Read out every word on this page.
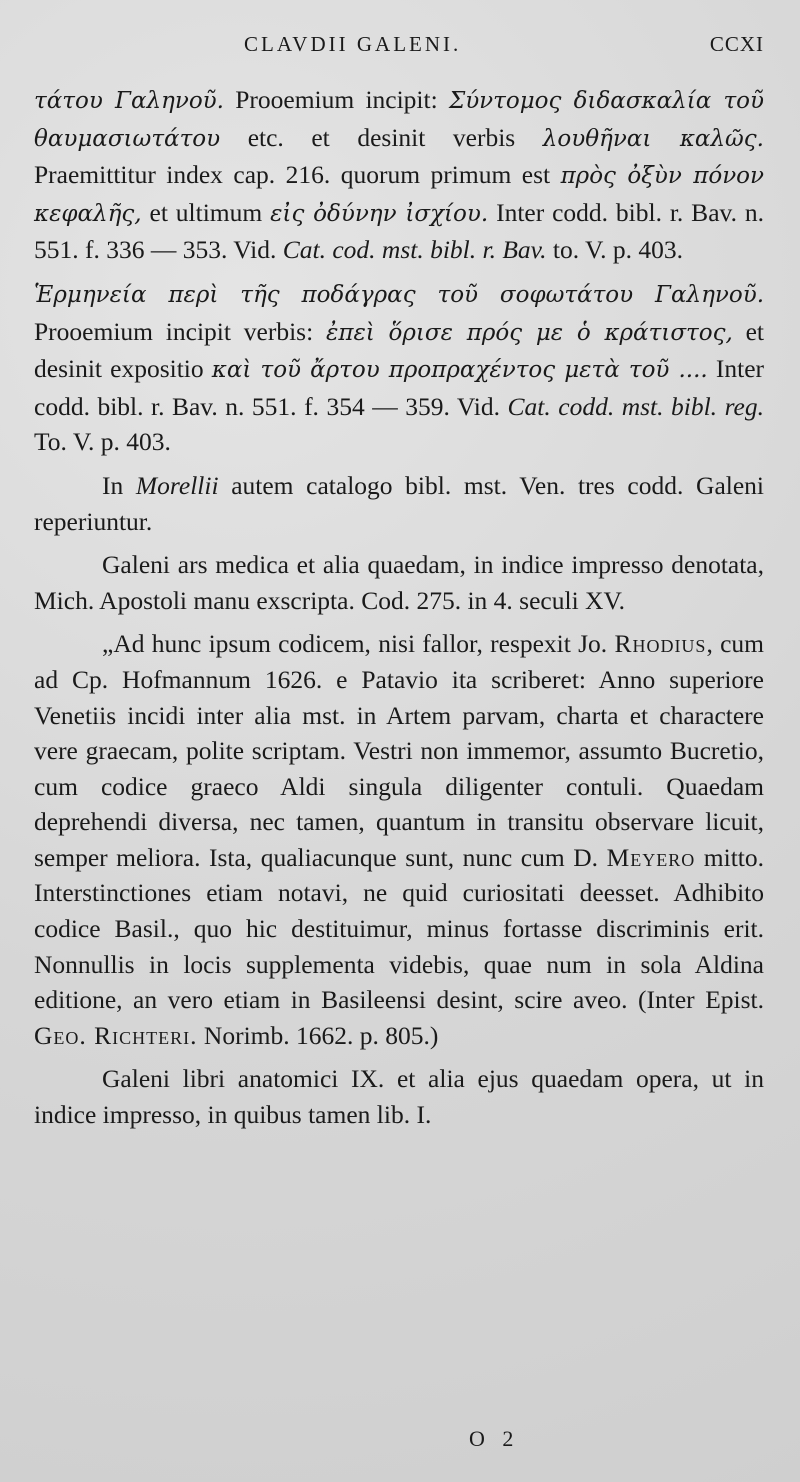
CLAVDII GALENI.	CCXI

τάτου Γαληνοῦ. Prooemium incipit: Σύντομος διδασκαλία τοῦ θαυμασιωτάτου etc. et desinit verbis λουθῆναι καλῶς. Praemittitur index cap. 216. quorum primum est πρὸς ὀξὺν πόνον κεφαλῆς, et ultimum εἰς ὀδύνην ἰσχίου. Inter codd. bibl. r. Bav. n. 551. f. 336 — 353. Vid. Cat. cod. mst. bibl. r. Bav. to. V. p. 403.

Ἑρμηνεία περὶ τῆς ποδάγρας τοῦ σοφωτάτου Γαληνοῦ. Prooemium incipit verbis: ἐπεὶ ὅρισε πρός με ὁ κράτιστος, et desinit expositio καὶ τοῦ ἄρτου προπραχέντος μετὰ τοῦ .... Inter codd. bibl. r. Bav. n. 551. f. 354 — 359. Vid. Cat. codd. mst. bibl. reg. To. V. p. 403.

In Morellii autem catalogo bibl. mst. Ven. tres codd. Galeni reperiuntur.

Galeni ars medica et alia quaedam, in indice impresso denotata, Mich. Apostoli manu exscripta. Cod. 275. in 4. seculi XV.

„Ad hunc ipsum codicem, nisi fallor, respexit Jo. Rhodius, cum ad Cp. Hofmannum 1626. e Patavio ita scriberet: Anno superiore Venetiis incidi inter alia mst. in Artem parvam, charta et charactere vere graecam, polite scriptam. Vestri non immemor, assumto Bucretio, cum codice graeco Aldi singula diligenter contuli. Quaedam deprehendi diversa, nec tamen, quantum in transitu observare licuit, semper meliora. Ista, qualiacunque sunt, nunc cum D. Meyero mitto. Interstinctiones etiam notavi, ne quid curiositati deesset. Adhibito codice Basil., quo hic destituimur, minus fortasse discriminis erit. Nonnullis in locis supplementa videbis, quae num in sola Aldina editione, an vero etiam in Basileensi desint, scire aveo. (Inter Epist. Geo. Richteri. Norimb. 1662. p. 805.)

Galeni libri anatomici IX. et alia ejus quaedam opera, ut in indice impresso, in quibus tamen lib. I.

O 2
